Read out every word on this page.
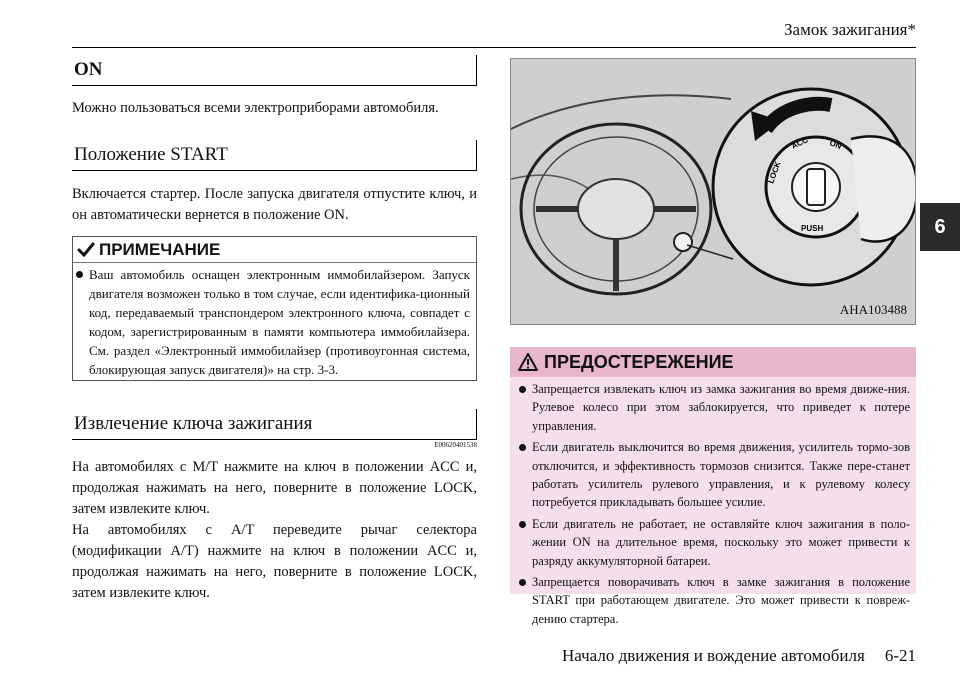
Замок зажигания*
6
ON
Можно пользоваться всеми электроприборами автомобиля.
Положение START
Включается стартер. После запуска двигателя отпустите ключ, и он автоматически вернется в положение ON.
ПРИМЕЧАНИЕ
Ваш автомобиль оснащен электронным иммобилайзером. Запуск двигателя возможен только в том случае, если идентифика-ционный код, передаваемый транспондером электронного ключа, совпадет с кодом, зарегистрированным в памяти компьютера иммобилайзера. См. раздел «Электронный иммобилайзер (противоугонная система, блокирующая запуск двигателя)» на стр. 3-3.
Извлечение ключа зажигания
E00620401538
На автомобилях с M/T нажмите на ключ в положении ACC и, продолжая нажимать на него, поверните в положение LOCK, затем извлеките ключ.
На автомобилях с A/T переведите рычаг селектора (модификации A/T) нажмите на ключ в положении ACC и, продолжая нажимать на него, поверните в положение LOCK, затем извлеките ключ.
LOCK
ACC ON
PUSH
AHA103488
ПРЕДОСТЕРЕЖЕНИЕ
Запрещается извлекать ключ из замка зажигания во время движе-ния. Рулевое колесо при этом заблокируется, что приведет к потере управления.
Если двигатель выключится во время движения, усилитель тормо-зов отключится, и эффективность тормозов снизится. Также пере-станет работать усилитель рулевого управления, и к рулевому колесу потребуется прикладывать большее усилие.
Если двигатель не работает, не оставляйте ключ зажигания в поло-жении ON на длительное время, поскольку это может привести к разряду аккумуляторной батареи.
Запрещается поворачивать ключ в замке зажигания в положение START при работающем двигателе. Это может привести к повреж-дению стартера.
Начало движения и вождение автомобиля 6-21
